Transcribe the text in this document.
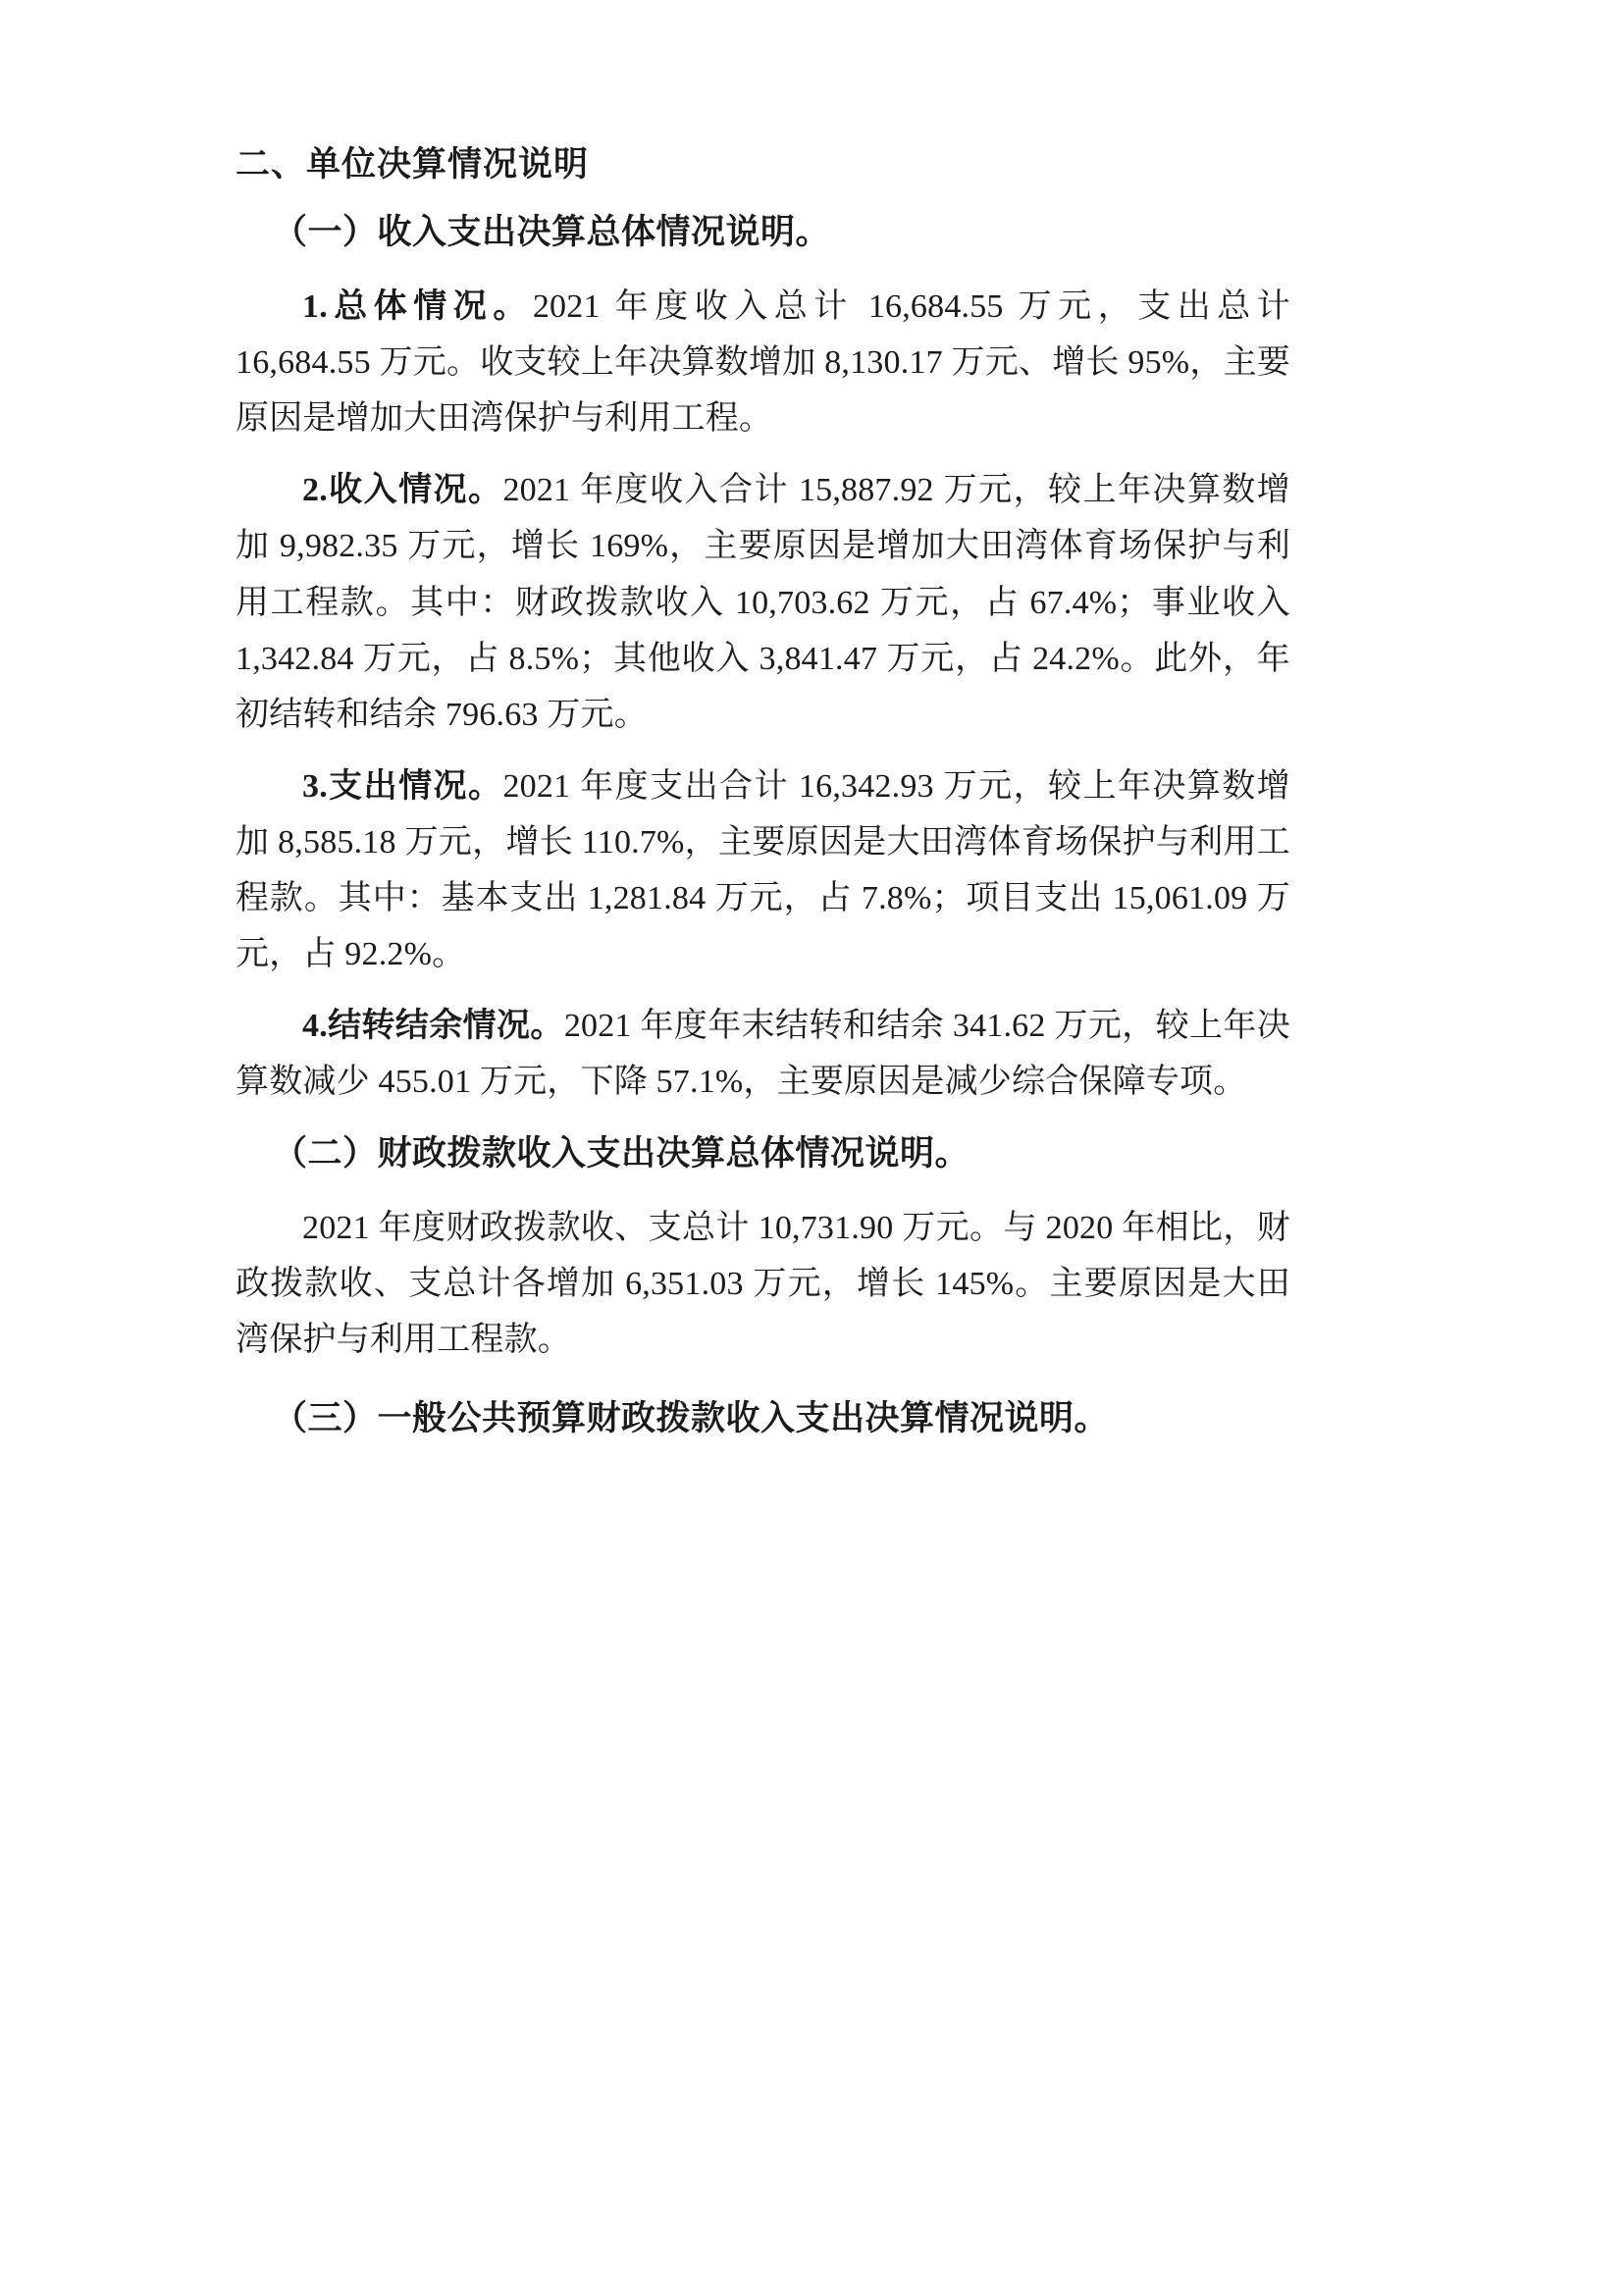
二、单位决算情况说明
（一）收入支出决算总体情况说明。

1.总体情况。2021 年度收入总计 16,684.55 万元，支出总计 16,684.55 万元。收支较上年决算数增加 8,130.17 万元、增长 95%，主要原因是增加大田湾保护与利用工程。

2.收入情况。2021 年度收入合计 15,887.92 万元，较上年决算数增加 9,982.35 万元，增长 169%，主要原因是增加大田湾体育场保护与利用工程款。其中：财政拨款收入 10,703.62 万元，占 67.4%；事业收入 1,342.84 万元，占 8.5%；其他收入 3,841.47 万元，占 24.2%。此外，年初结转和结余 796.63 万元。

3.支出情况。2021 年度支出合计 16,342.93 万元，较上年决算数增加 8,585.18 万元，增长 110.7%，主要原因是大田湾体育场保护与利用工程款。其中：基本支出 1,281.84 万元，占 7.8%；项目支出 15,061.09 万元，占 92.2%。

4.结转结余情况。2021 年度年末结转和结余 341.62 万元，较上年决算数减少 455.01 万元，下降 57.1%，主要原因是减少综合保障专项。

（二）财政拨款收入支出决算总体情况说明。

2021 年度财政拨款收、支总计 10,731.90 万元。与 2020 年相比，财政拨款收、支总计各增加 6,351.03 万元，增长 145%。主要原因是大田湾保护与利用工程款。

（三）一般公共预算财政拨款收入支出决算情况说明。
